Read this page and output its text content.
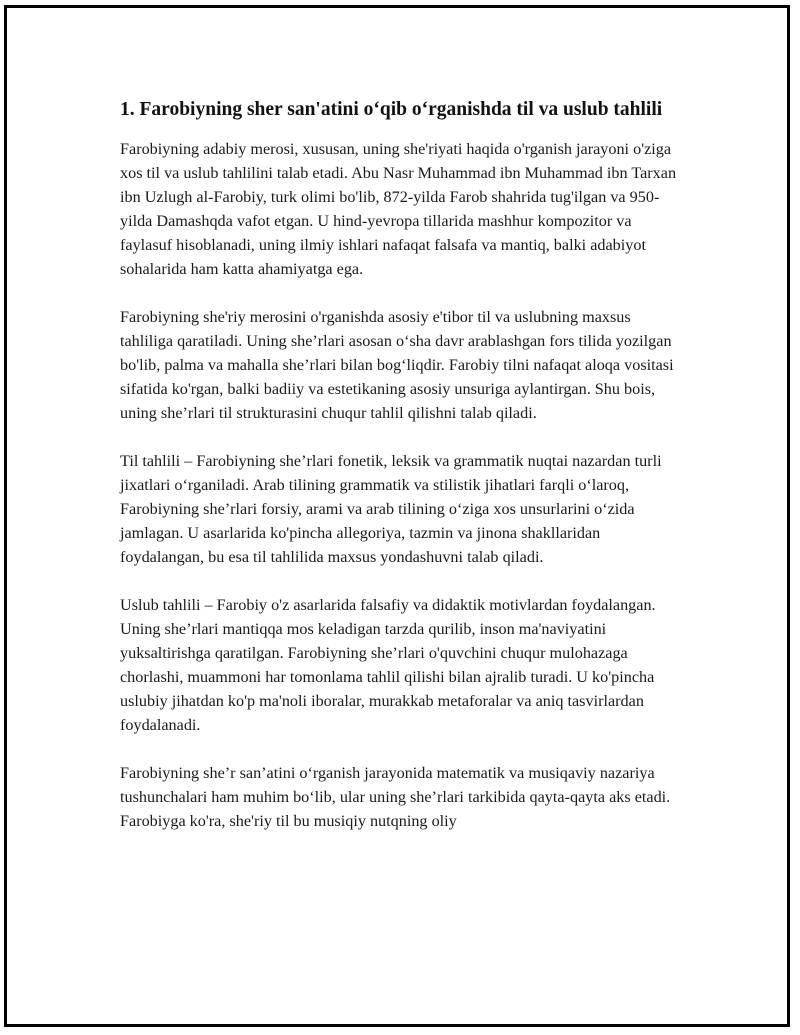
1. Farobiyning sher san'atini o‘qib o‘rganishda til va uslub tahlili

Farobiyning adabiy merosi, xususan, uning she'riyati haqida o'rganish jarayoni o'ziga xos til va uslub tahlilini talab etadi. Abu Nasr Muhammad ibn Muhammad ibn Tarxan ibn Uzlugh al-Farobiy, turk olimi bo'lib, 872-yilda Farob shahrida tug'ilgan va 950-yilda Damashqda vafot etgan. U hind-yevropa tillarida mashhur kompozitor va faylasuf hisoblanadi, uning ilmiy ishlari nafaqat falsafa va mantiq, balki adabiyot sohalarida ham katta ahamiyatga ega.

Farobiyning she'riy merosini o'rganishda asosiy e'tibor til va uslubning maxsus tahliliga qaratiladi. Uning she’rlari asosan o‘sha davr arablashgan fors tilida yozilgan bo'lib, palma va mahalla she’rlari bilan bog‘liqdir. Farobiy tilni nafaqat aloqa vositasi sifatida ko'rgan, balki badiiy va estetikaning asosiy unsuriga aylantirgan. Shu bois, uning she’rlari til strukturasini chuqur tahlil qilishni talab qiladi.

Til tahlili – Farobiyning she’rlari fonetik, leksik va grammatik nuqtai nazardan turli jixatlari o‘rganiladi. Arab tilining grammatik va stilistik jihatlari farqli o‘laroq, Farobiyning she’rlari forsiy, arami va arab tilining o‘ziga xos unsurlarini o‘zida jamlagan. U asarlarida ko'pincha allegoriya, tazmin va jinona shakllaridan foydalangan, bu esa til tahlilida maxsus yondashuvni talab qiladi.

Uslub tahlili – Farobiy o'z asarlarida falsafiy va didaktik motivlardan foydalangan. Uning she’rlari mantiqqa mos keladigan tarzda qurilib, inson ma'naviyatini yuksaltirishga qaratilgan. Farobiyning she’rlari o'quvchini chuqur mulohazaga chorlashi, muammoni har tomonlama tahlil qilishi bilan ajralib turadi. U ko'pincha uslubiy jihatdan ko'p ma'noli iboralar, murakkab metaforalar va aniq tasvirlardan foydalanadi.

Farobiyning she’r san’atini o‘rganish jarayonida matematik va musiqaviy nazariya tushunchalari ham muhim bo‘lib, ular uning she’rlari tarkibida qayta-qayta aks etadi. Farobiyga ko'ra, she'riy til bu musiqiy nutqning oliy
